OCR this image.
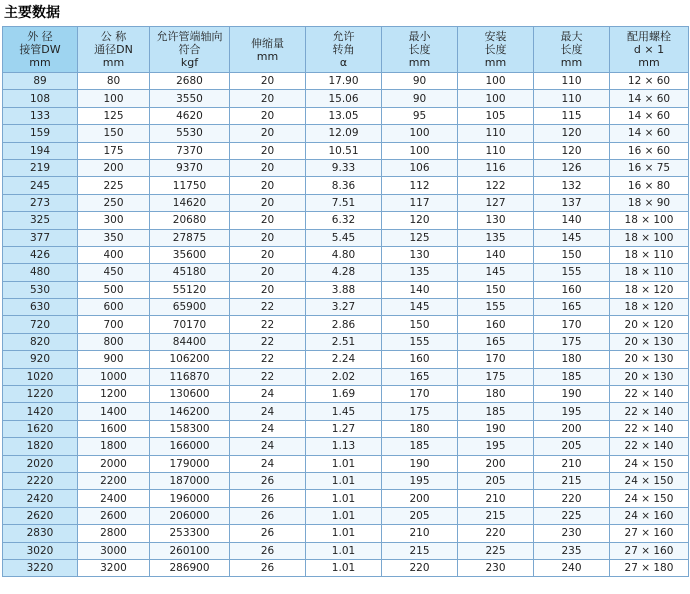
主要数据
外 径
接管DW
mm	公 称
通径DN
mm	允许管端轴向
符合
kgf	伸缩量
mm	允许
转角
α	最小
长度
mm	安装
长度
mm	最大
长度
mm	配用螺栓
d × 1
mm

89	80	2680	20	17.90	90	100	110	12 × 60
108	100	3550	20	15.06	90	100	110	14 × 60
133	125	4620	20	13.05	95	105	115	14 × 60
159	150	5530	20	12.09	100	110	120	14 × 60
194	175	7370	20	10.51	100	110	120	16 × 60
219	200	9370	20	9.33	106	116	126	16 × 75
245	225	11750	20	8.36	112	122	132	16 × 80
273	250	14620	20	7.51	117	127	137	18 × 90
325	300	20680	20	6.32	120	130	140	18 × 100
377	350	27875	20	5.45	125	135	145	18 × 100
426	400	35600	20	4.80	130	140	150	18 × 110
480	450	45180	20	4.28	135	145	155	18 × 110
530	500	55120	20	3.88	140	150	160	18 × 120
630	600	65900	22	3.27	145	155	165	18 × 120
720	700	70170	22	2.86	150	160	170	20 × 120
820	800	84400	22	2.51	155	165	175	20 × 130
920	900	106200	22	2.24	160	170	180	20 × 130
1020	1000	116870	22	2.02	165	175	185	20 × 130
1220	1200	130600	24	1.69	170	180	190	22 × 140
1420	1400	146200	24	1.45	175	185	195	22 × 140
1620	1600	158300	24	1.27	180	190	200	22 × 140
1820	1800	166000	24	1.13	185	195	205	22 × 140
2020	2000	179000	24	1.01	190	200	210	24 × 150
2220	2200	187000	26	1.01	195	205	215	24 × 150
2420	2400	196000	26	1.01	200	210	220	24 × 150
2620	2600	206000	26	1.01	205	215	225	24 × 160
2830	2800	253300	26	1.01	210	220	230	27 × 160
3020	3000	260100	26	1.01	215	225	235	27 × 160
3220	3200	286900	26	1.01	220	230	240	27 × 180
